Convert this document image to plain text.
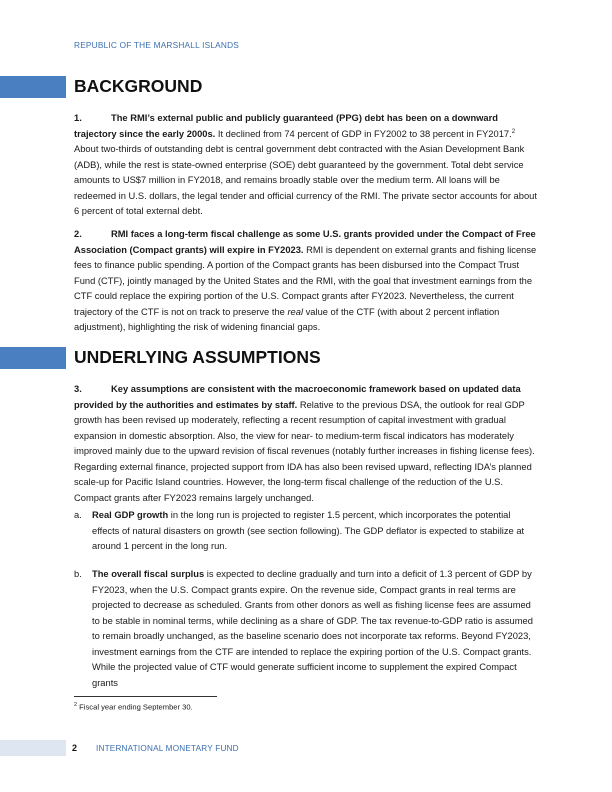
REPUBLIC OF THE MARSHALL ISLANDS
BACKGROUND
1.	The RMI’s external public and publicly guaranteed (PPG) debt has been on a downward trajectory since the early 2000s. It declined from 74 percent of GDP in FY2002 to 38 percent in FY2017.$^2$ About two-thirds of outstanding debt is central government debt contracted with the Asian Development Bank (ADB), while the rest is state-owned enterprise (SOE) debt guaranteed by the government. Total debt service amounts to US$7 million in FY2018, and remains broadly stable over the medium term. All loans will be redeemed in U.S. dollars, the legal tender and official currency of the RMI. The private sector accounts for about 6 percent of total external debt.
2.	RMI faces a long-term fiscal challenge as some U.S. grants provided under the Compact of Free Association (Compact grants) will expire in FY2023. RMI is dependent on external grants and fishing license fees to finance public spending. A portion of the Compact grants has been disbursed into the Compact Trust Fund (CTF), jointly managed by the United States and the RMI, with the goal that investment earnings from the CTF could replace the expiring portion of the U.S. Compact grants after FY2023. Nevertheless, the current trajectory of the CTF is not on track to preserve the real value of the CTF (with about 2 percent inflation adjustment), highlighting the risk of widening financial gaps.
UNDERLYING ASSUMPTIONS
3.	Key assumptions are consistent with the macroeconomic framework based on updated data provided by the authorities and estimates by staff. Relative to the previous DSA, the outlook for real GDP growth has been revised up moderately, reflecting a recent resumption of capital investment with gradual expansion in domestic absorption. Also, the view for near- to medium-term fiscal indicators has moderately improved mainly due to the upward revision of fiscal revenues (notably further increases in fishing license fees). Regarding external finance, projected support from IDA has also been revised upward, reflecting IDA’s planned scale-up for Pacific Island countries. However, the long-term fiscal challenge of the reduction of the U.S. Compact grants after FY2023 remains largely unchanged.
a. Real GDP growth in the long run is projected to register 1.5 percent, which incorporates the potential effects of natural disasters on growth (see section following). The GDP deflator is expected to stabilize at around 1 percent in the long run.
b. The overall fiscal surplus is expected to decline gradually and turn into a deficit of 1.3 percent of GDP by FY2023, when the U.S. Compact grants expire. On the revenue side, Compact grants in real terms are projected to decrease as scheduled. Grants from other donors as well as fishing license fees are assumed to be stable in nominal terms, while declining as a share of GDP. The tax revenue-to-GDP ratio is assumed to remain broadly unchanged, as the baseline scenario does not incorporate tax reforms. Beyond FY2023, investment earnings from the CTF are intended to replace the expiring portion of the U.S. Compact grants. While the projected value of CTF would generate sufficient income to supplement the expired Compact grants
$^2$ Fiscal year ending September 30.
2 INTERNATIONAL MONETARY FUND
